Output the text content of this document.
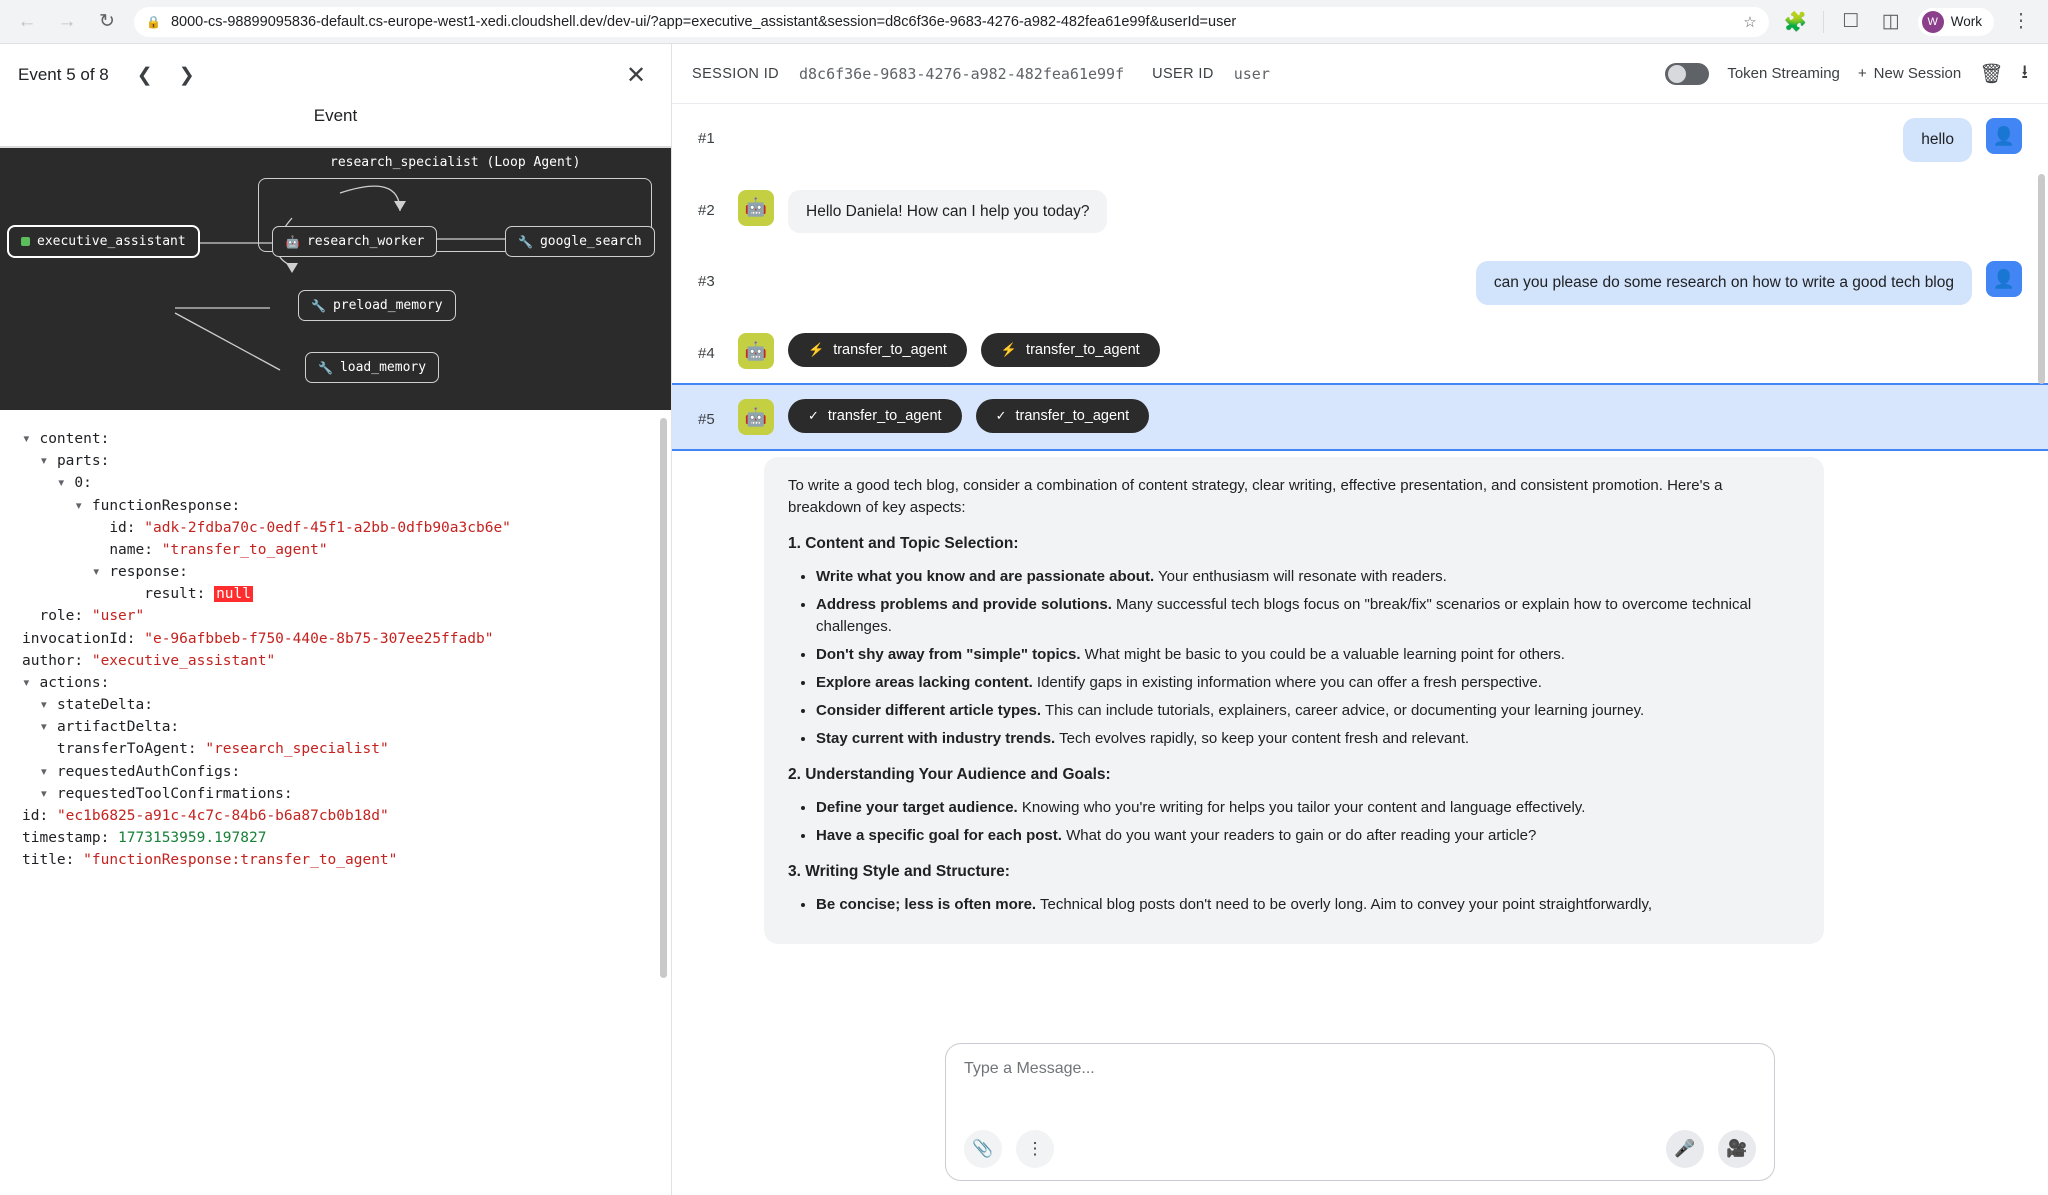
← → ↻	🔒 8000-cs-98899095836-default.cs-europe-west1-xedi.cloudshell.dev/dev-ui/?app=executive_assistant&session=d8c6f36e-9683-4276-a982-482fea61e99f&userId=user	☆ 🧩 ☐ ◫	W Work ⋮
Event 5 of 8	❮	❯	✕
Event
research_specialist (Loop Agent)
executive_assistant	🤖 research_worker	🔧 google_search
🔧 preload_memory
🔧 load_memory
▾ content:
▾ parts:
▾ 0:
▾ functionResponse:
id: "adk-2fdba70c-0edf-45f1-a2bb-0dfb90a3cb6e"
name: "transfer_to_agent"
▾ response:
result: null
role: "user"
invocationId: "e-96afbbeb-f750-440e-8b75-307ee25ffadb"
author: "executive_assistant"
▾ actions:
▾ stateDelta:
▾ artifactDelta:
transferToAgent: "research_specialist"
▾ requestedAuthConfigs:
▾ requestedToolConfirmations:
id: "ec1b6825-a91c-4c7c-84b6-b6a87cb0b18d"
timestamp: 1773153959.197827
title: "functionResponse:transfer_to_agent"
SESSION ID d8c6f36e-9683-4276-a982-482fea61e99f USER ID user	Token Streaming + New Session 🗑 ⭳
#1	hello	👤
#2	🤖	Hello Daniela! How can I help you today?
#3	can you please do some research on how to write a good tech blog	👤
#4	🤖	⚡ transfer_to_agent	⚡ transfer_to_agent
#5	🤖	✓ transfer_to_agent	✓ transfer_to_agent

To write a good tech blog, consider a combination of content strategy, clear writing, effective presentation, and consistent promotion. Here's a breakdown of key aspects:

1. Content and Topic Selection:
• Write what you know and are passionate about. Your enthusiasm will resonate with readers.
• Address problems and provide solutions. Many successful tech blogs focus on "break/fix" scenarios or explain how to overcome technical challenges.
• Don't shy away from "simple" topics. What might be basic to you could be a valuable learning point for others.
• Explore areas lacking content. Identify gaps in existing information where you can offer a fresh perspective.
• Consider different article types. This can include tutorials, explainers, career advice, or documenting your learning journey.
• Stay current with industry trends. Tech evolves rapidly, so keep your content fresh and relevant.
2. Understanding Your Audience and Goals:
• Define your target audience. Knowing who you're writing for helps you tailor your content and language effectively.
• Have a specific goal for each post. What do you want your readers to gain or do after reading your article?
3. Writing Style and Structure:
• Be concise; less is often more. Technical blog posts don't need to be overly long. Aim to convey your point straightforwardly,
Type a Message...
📎	⋮	🎤	🎥
